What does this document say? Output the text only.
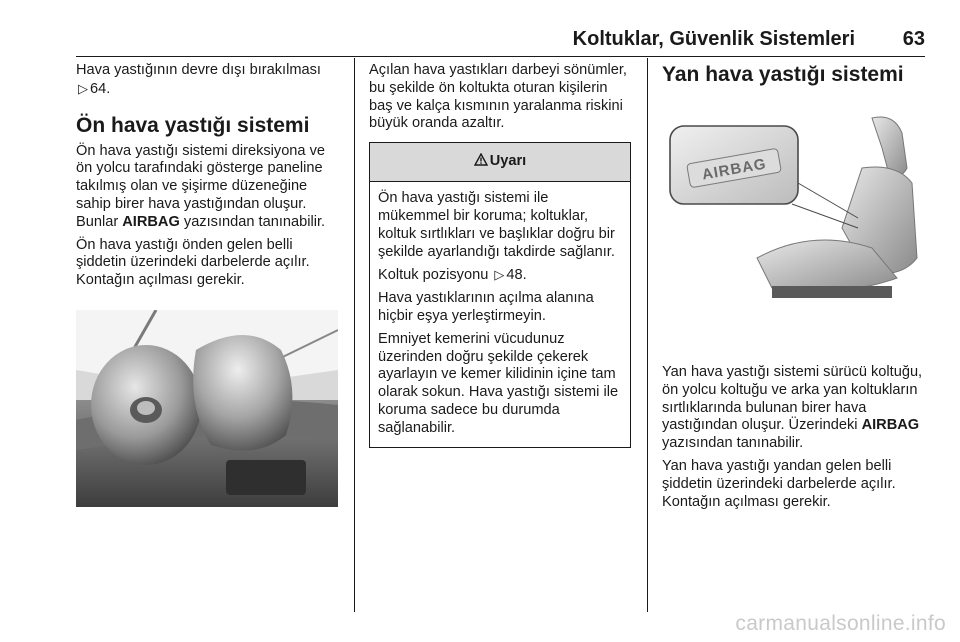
Koltuklar, Güvenlik Sistemleri 63

Hava yastığının devre dışı bırakılması ▷ 64.

Ön hava yastığı sistemi

Ön hava yastığı sistemi direksiyona ve ön yolcu tarafındaki gösterge paneline takılmış olan ve şişirme düzeneğine sahip birer hava yastığından oluşur. Bunlar AIRBAG yazısından tanınabilir.

Ön hava yastığı önden gelen belli şiddetin üzerindeki darbelerde açılır. Kontağın açılması gerekir.

Açılan hava yastıkları darbeyi sönümler, bu şekilde ön koltukta oturan kişilerin baş ve kalça kısmının yaralanma riskini büyük oranda azaltır.

Uyarı

Ön hava yastığı sistemi ile mükemmel bir koruma; koltuklar, koltuk sırtlıkları ve başlıklar doğru bir şekilde ayarlandığı takdirde sağlanır.

Koltuk pozisyonu ▷ 48.

Hava yastıklarının açılma alanına hiçbir eşya yerleştirmeyin.

Emniyet kemerini vücudunuz üzerinden doğru şekilde çekerek ayarlayın ve kemer kilidinin içine tam olarak sokun. Hava yastığı sistemi ile koruma sadece bu durumda sağlanabilir.

Yan hava yastığı sistemi
AIRBAG

Yan hava yastığı sistemi sürücü koltuğu, ön yolcu koltuğu ve arka yan koltukların sırtlıklarında bulunan birer hava yastığından oluşur. Üzerindeki AIRBAG yazısından tanınabilir.

Yan hava yastığı yandan gelen belli şiddetin üzerindeki darbelerde açılır. Kontağın açılması gerekir.

carmanualsonline.info
